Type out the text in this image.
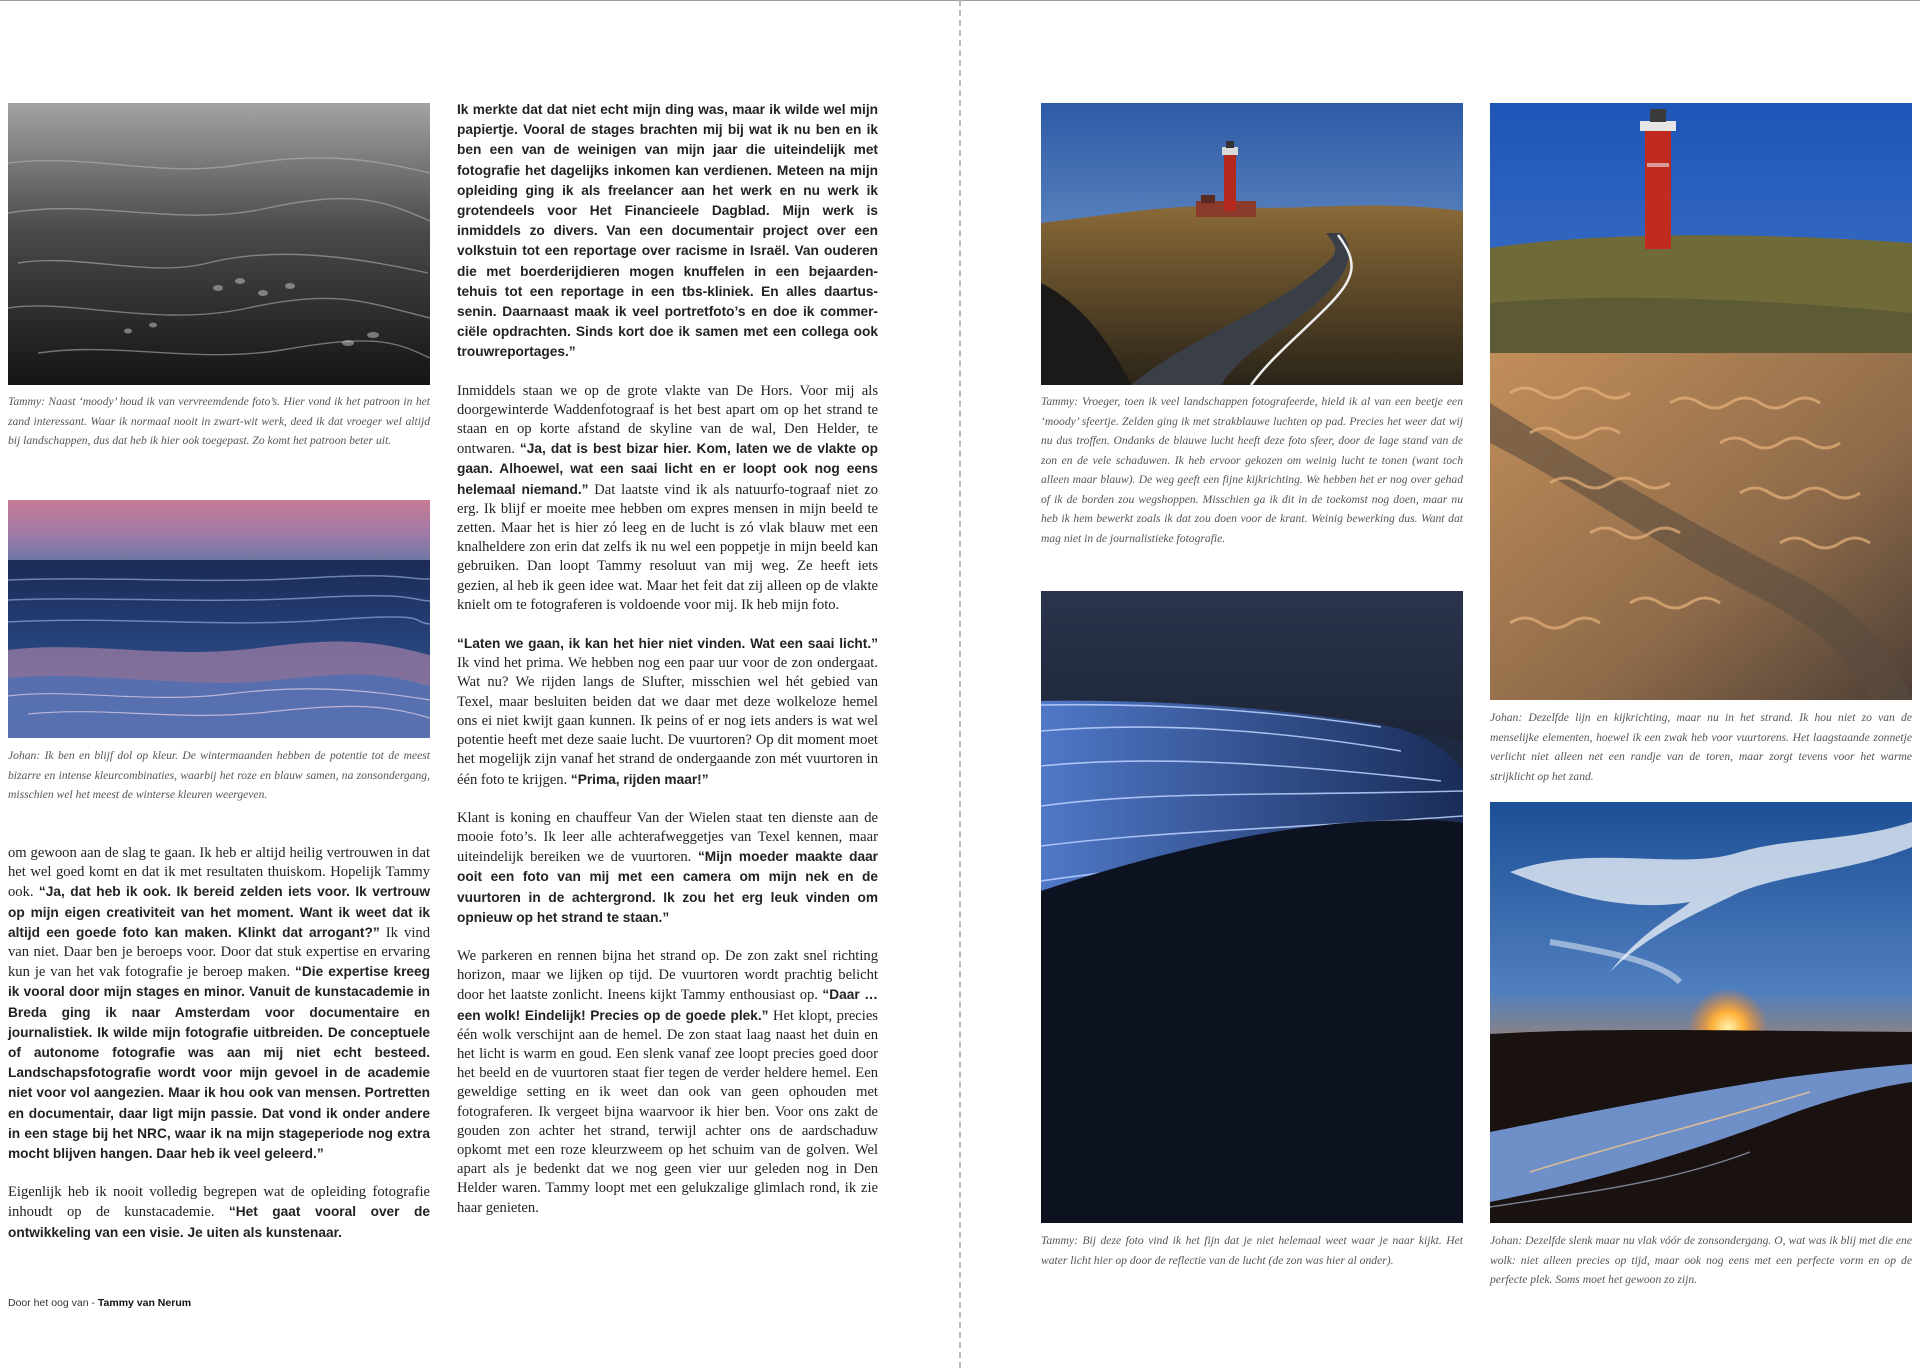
Tammy: Naast ‘moody’ houd ik van vervreemdende foto’s. Hier vond ik het patroon in het zand interessant. Waar ik normaal nooit in zwart-wit werk, deed ik dat vroeger wel altijd bij landschappen, dus dat heb ik hier ook toegepast. Zo komt het patroon beter uit.

Johan: Ik ben en blijf dol op kleur. De wintermaanden hebben de potentie tot de meest bizarre en intense kleurcombinaties, waarbij het roze en blauw samen, na zonsondergang, misschien wel het meest de winterse kleuren weergeven.

om gewoon aan de slag te gaan. Ik heb er altijd heilig vertrouwen in dat het wel goed komt en dat ik met resultaten thuiskom. Hopelijk Tammy ook. “Ja, dat heb ik ook. Ik bereid zelden iets voor. Ik vertrouw op mijn eigen creativiteit van het moment. Want ik weet dat ik altijd een goede foto kan maken. Klinkt dat arrogant?” Ik vind van niet. Daar ben je beroeps voor. Door dat stuk expertise en ervaring kun je van het vak fotografie je beroep maken. “Die expertise kreeg ik vooral door mijn stages en minor. Vanuit de kunstacademie in Breda ging ik naar Amsterdam voor documentaire en journalistiek. Ik wilde mijn fotografie uitbreiden. De conceptuele of autonome fotografie was aan mij niet echt besteed. Landschapsfotografie wordt voor mijn gevoel in de academie niet voor vol aangezien. Maar ik hou ook van mensen. Portretten en documentair, daar ligt mijn passie. Dat vond ik onder andere in een stage bij het NRC, waar ik na mijn stageperiode nog extra mocht blijven hangen. Daar heb ik veel geleerd.”

Eigenlijk heb ik nooit volledig begrepen wat de opleiding fotografie inhoudt op de kunstacademie. “Het gaat vooral over de ontwikkeling van een visie. Je uiten als kunstenaar.

Ik merkte dat dat niet echt mijn ding was, maar ik wilde wel mijn papiertje. Vooral de stages brachten mij bij wat ik nu ben en ik ben een van de weinigen van mijn jaar die uiteindelijk met fotografie het dagelijks inkomen kan verdienen. Meteen na mijn opleiding ging ik als freelancer aan het werk en nu werk ik grotendeels voor Het Financieele Dagblad. Mijn werk is inmiddels zo divers. Van een documentair project over een volkstuin tot een reportage over racisme in Israël. Van ouderen die met boerderijdieren mogen knuffelen in een bejaarden-tehuis tot een reportage in een tbs-kliniek. En alles daartus-senin. Daarnaast maak ik veel portretfoto’s en doe ik commer-ciële opdrachten. Sinds kort doe ik samen met een collega ook trouwreportages.”

Inmiddels staan we op de grote vlakte van De Hors. Voor mij als doorgewinterde Waddenfotograaf is het best apart om op het strand te staan en op korte afstand de skyline van de wal, Den Helder, te ontwaren. “Ja, dat is best bizar hier. Kom, laten we de vlakte op gaan. Alhoewel, wat een saai licht en er loopt ook nog eens helemaal niemand.” Dat laatste vind ik als natuurfo-tograaf niet zo erg. Ik blijf er moeite mee hebben om expres mensen in mijn beeld te zetten. Maar het is hier zó leeg en de lucht is zó vlak blauw met een knalheldere zon erin dat zelfs ik nu wel een poppetje in mijn beeld kan gebruiken. Dan loopt Tammy resoluut van mij weg. Ze heeft iets gezien, al heb ik geen idee wat. Maar het feit dat zij alleen op de vlakte knielt om te fotograferen is voldoende voor mij. Ik heb mijn foto.

“Laten we gaan, ik kan het hier niet vinden. Wat een saai licht.” Ik vind het prima. We hebben nog een paar uur voor de zon ondergaat. Wat nu? We rijden langs de Slufter, misschien wel hét gebied van Texel, maar besluiten beiden dat we daar met deze wolkeloze hemel ons ei niet kwijt gaan kunnen. Ik peins of er nog iets anders is wat wel potentie heeft met deze saaie lucht. De vuurtoren? Op dit moment moet het mogelijk zijn vanaf het strand de ondergaande zon mét vuurtoren in één foto te krijgen. “Prima, rijden maar!”

Klant is koning en chauffeur Van der Wielen staat ten dienste aan de mooie foto’s. Ik leer alle achterafweggetjes van Texel kennen, maar uiteindelijk bereiken we de vuurtoren. “Mijn moeder maakte daar ooit een foto van mij met een camera om mijn nek en de vuurtoren in de achtergrond. Ik zou het erg leuk vinden om opnieuw op het strand te staan.”

We parkeren en rennen bijna het strand op. De zon zakt snel richting horizon, maar we lijken op tijd. De vuurtoren wordt prachtig belicht door het laatste zonlicht. Ineens kijkt Tammy enthousiast op. “Daar … een wolk! Eindelijk! Precies op de goede plek.” Het klopt, precies één wolk verschijnt aan de hemel. De zon staat laag naast het duin en het licht is warm en goud. Een slenk vanaf zee loopt precies goed door het beeld en de vuurtoren staat fier tegen de verder heldere hemel. Een geweldige setting en ik weet dan ook van geen ophouden met fotograferen. Ik vergeet bijna waarvoor ik hier ben. Voor ons zakt de gouden zon achter het strand, terwijl achter ons de aardschaduw opkomt met een roze kleurzweem op het schuim van de golven. Wel apart als je bedenkt dat we nog geen vier uur geleden nog in Den Helder waren. Tammy loopt met een gelukzalige glimlach rond, ik zie haar genieten.

Door het oog van - Tammy van Nerum

Tammy: Vroeger, toen ik veel landschappen fotografeerde, hield ik al van een beetje een ‘moody’ sfeertje. Zelden ging ik met strakblauwe luchten op pad. Precies het weer dat wij nu dus troffen. Ondanks de blauwe lucht heeft deze foto sfeer, door de lage stand van de zon en de vele schaduwen. Ik heb ervoor gekozen om weinig lucht te tonen (want toch alleen maar blauw). De weg geeft een fijne kijkrichting. We hebben het er nog over gehad of ik de borden zou wegshoppen. Misschien ga ik dit in de toekomst nog doen, maar nu heb ik hem bewerkt zoals ik dat zou doen voor de krant. Weinig bewerking dus. Want dat mag niet in de journalistieke fotografie.

Tammy: Bij deze foto vind ik het fijn dat je niet helemaal weet waar je naar kijkt. Het water licht hier op door de reflectie van de lucht (de zon was hier al onder).

Johan: Dezelfde lijn en kijkrichting, maar nu in het strand. Ik hou niet zo van de menselijke elementen, hoewel ik een zwak heb voor vuurtorens. Het laagstaande zonnetje verlicht niet alleen net een randje van de toren, maar zorgt tevens voor het warme strijklicht op het zand.

Johan: Dezelfde slenk maar nu vlak vóór de zonsondergang. O, wat was ik blij met die ene wolk: niet alleen precies op tijd, maar ook nog eens met een perfecte vorm en op de perfecte plek. Soms moet het gewoon zo zijn.
